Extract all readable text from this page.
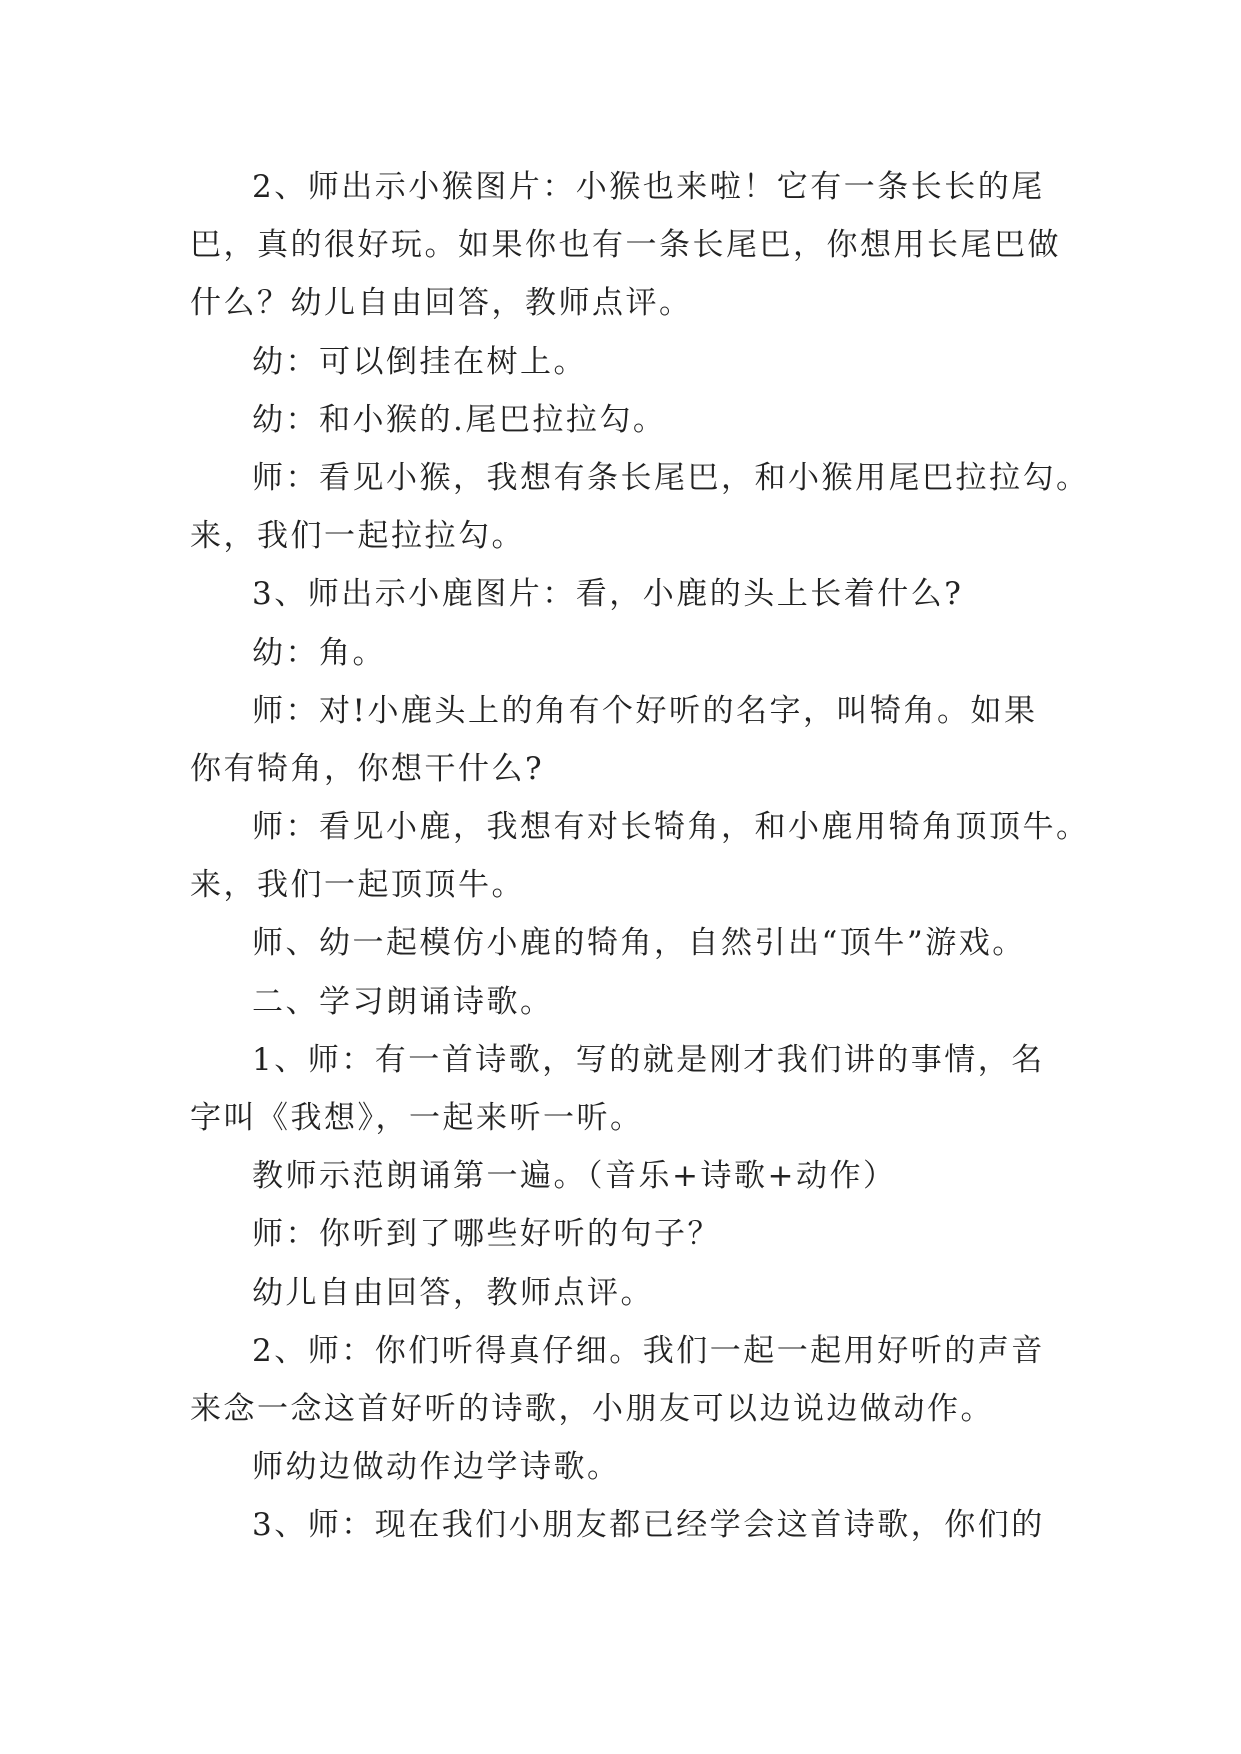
2、师出示小猴图片：小猴也来啦！它有一条长长的尾
巴，真的很好玩。如果你也有一条长尾巴，你想用长尾巴做
什么？幼儿自由回答，教师点评。
幼：可以倒挂在树上。
幼：和小猴的.尾巴拉拉勾。
师：看见小猴，我想有条长尾巴，和小猴用尾巴拉拉勾。
来，我们一起拉拉勾。
3、师出示小鹿图片：看，小鹿的头上长着什么?
幼：角。
师：对!小鹿头上的角有个好听的名字，叫犄角。如果
你有犄角，你想干什么?
师：看见小鹿，我想有对长犄角，和小鹿用犄角顶顶牛。
来，我们一起顶顶牛。
师、幼一起模仿小鹿的犄角，自然引出“顶牛”游戏。
二、学习朗诵诗歌。
1、师：有一首诗歌，写的就是刚才我们讲的事情，名
字叫《我想》，一起来听一听。
教师示范朗诵第一遍。（音乐+诗歌+动作）
师：你听到了哪些好听的句子？
幼儿自由回答，教师点评。
2、师：你们听得真仔细。我们一起一起用好听的声音
来念一念这首好听的诗歌，小朋友可以边说边做动作。
师幼边做动作边学诗歌。
3、师：现在我们小朋友都已经学会这首诗歌，你们的
